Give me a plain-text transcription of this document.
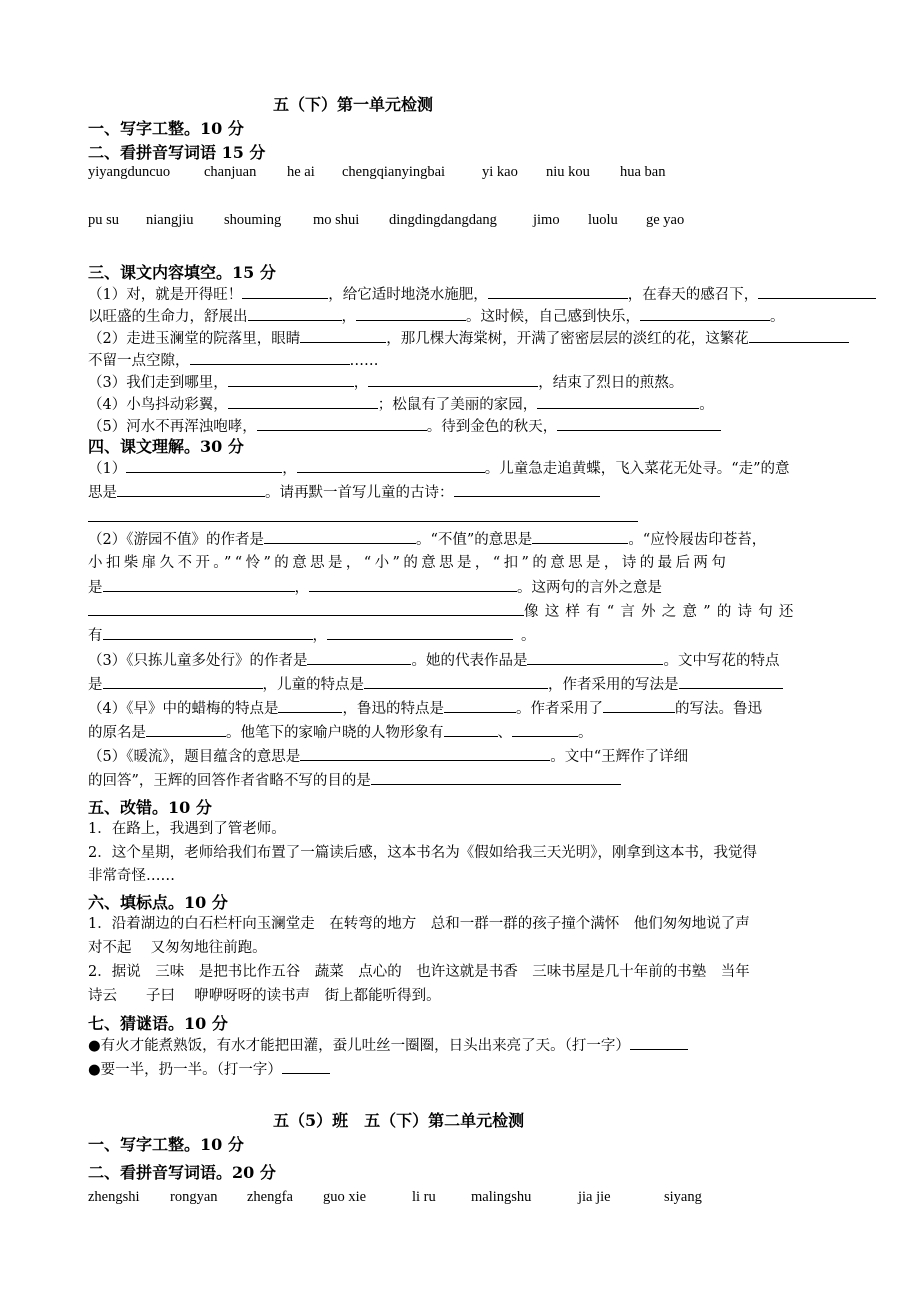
五（下）第一单元检测
一、写字工整。10 分
二、看拼音写词语 15 分
yiyangduncuo chanjuan he ai chengqianyingbai	yi kao niu kou hua ban
pu su niangjiu shouming mo shui dingdingdangdang jimo luolu ge yao
三、课文内容填空。15 分
（1）对，就是开得旺！	，给它适时地浇水施肥，	，在春天的感召下，
以旺盛的生命力，舒展出	，	。这时候，自己感到快乐，	。
（2）走进玉澜堂的院落里，眼睛	，那几棵大海棠树，开满了密密层层的淡红的花，这繁花
不留一点空隙，	……
（3）我们走到哪里，	，	，结束了烈日的煎熬。
（4）小鸟抖动彩翼，	；松鼠有了美丽的家园，	。
（5）河水不再浑浊咆哮，	。待到金色的秋天，
四、课文理解。30 分
（1）	，	。儿童急走追黄蝶，飞入菜花无处寻。“走”的意
思是	。请再默一首写儿童的古诗：
（2）《游园不值》的作者是	。“不值”的意思是	。“应怜屐齿印苍苔，
小扣柴扉久不开。”“怜”的意思是，“小”的意思是，“扣”的意思是，诗的最后两句
是	，	。这两句的言外之意是
像这样有“言外之意”的诗句还
有	，	。
（3）《只拣儿童多处行》的作者是	。她的代表作品是	。文中写花的特点
是	，儿童的特点是	，作者采用的写法是
（4）《早》中的蜡梅的特点是	，鲁迅的特点是	。作者采用了	的写法。鲁迅
的原名是	。他笔下的家喻户晓的人物形象有	、	。
（5）《暖流》，题目蕴含的意思是	。文中“王辉作了详细
的回答”，王辉的回答作者省略不写的目的是
五、改错。10 分
1．在路上，我遇到了管老师。
2．这个星期，老师给我们布置了一篇读后感，这本书名为《假如给我三天光明》，刚拿到这本书，我觉得
非常奇怪……
六、填标点。10 分
1．沿着湖边的白石栏杆向玉澜堂走　在转弯的地方　总和一群一群的孩子撞个满怀　他们匆匆地说了声
对不起　 又匆匆地往前跑。
2．据说　三味　是把书比作五谷　蔬菜　点心的　也许这就是书香　三味书屋是几十年前的书塾　当年
诗云　　子曰　 咿咿呀呀的读书声　街上都能听得到。
七、猜谜语。10 分
●有火才能煮熟饭，有水才能把田灌，蚕儿吐丝一圈圈，日头出来亮了天。（打一字）
●要一半，扔一半。（打一字）
五（5）班　五（下）第二单元检测
一、写字工整。10 分
二、看拼音写词语。20 分
zhengshi rongyan zhengfa guo xie	li ru malingshu	jia jie	siyang
